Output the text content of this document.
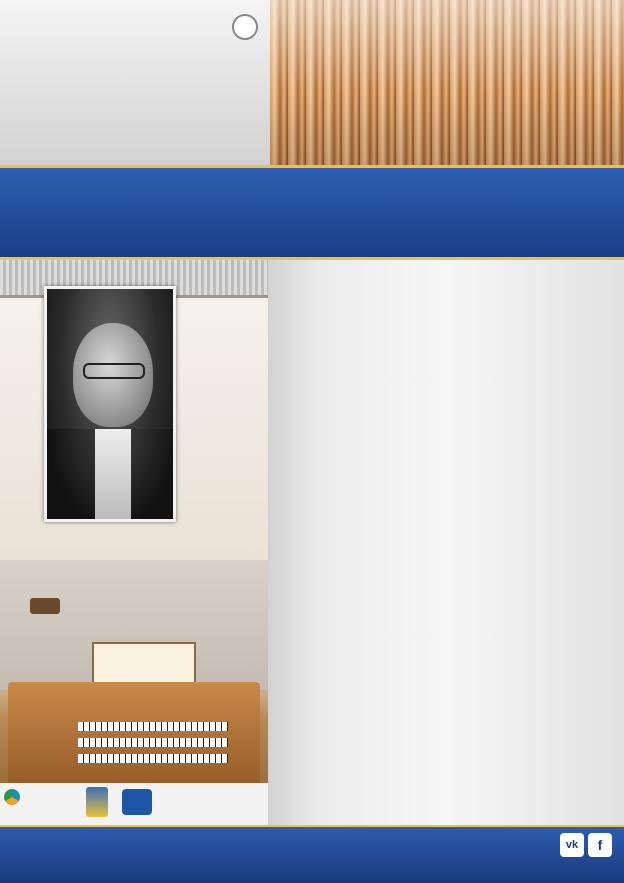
vk	f
